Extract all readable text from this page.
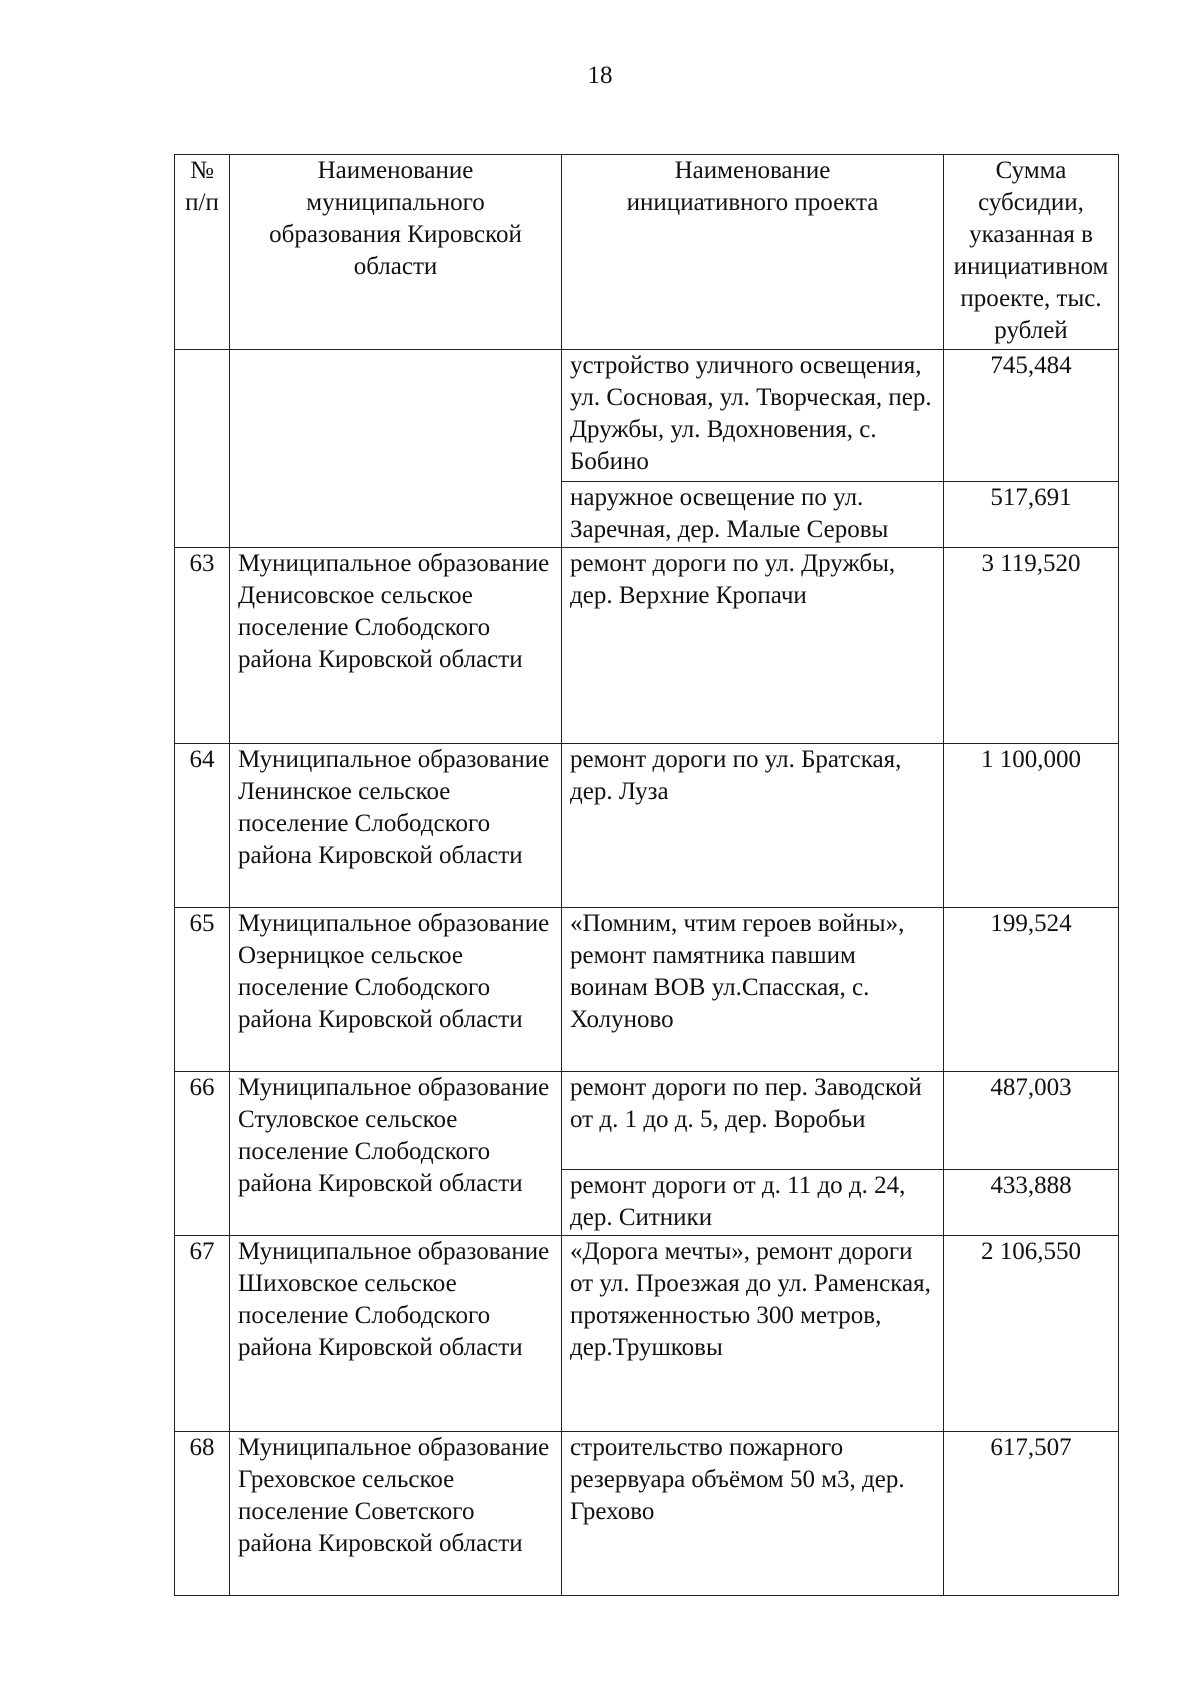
18
№ п/п	Наименование муниципального образования Кировской области	Наименование инициативного проекта	Сумма субсидии, указанная в инициативном проекте, тыс. рублей
		устройство уличного освещения, ул. Сосновая, ул. Творческая, пер. Дружбы, ул. Вдохновения, с. Бобино	745,484
		наружное освещение по ул. Заречная, дер. Малые Серовы	517,691
63	Муниципальное образование Денисовское сельское поселение Слободского района Кировской области	ремонт дороги по ул. Дружбы, дер. Верхние Кропачи	3 119,520
64	Муниципальное образование Ленинское сельское поселение Слободского района Кировской области	ремонт дороги по ул. Братская, дер. Луза	1 100,000
65	Муниципальное образование Озерницкое сельское поселение Слободского района Кировской области	«Помним, чтим героев войны», ремонт памятника павшим воинам ВОВ ул.Спасская, с. Холуново	199,524
66	Муниципальное образование Стуловское сельское поселение Слободского района Кировской области	ремонт дороги по пер. Заводской от д. 1 до д. 5, дер. Воробьи	487,003
		ремонт дороги от д. 11 до д. 24, дер. Ситники	433,888
67	Муниципальное образование Шиховское сельское поселение Слободского района Кировской области	«Дорога мечты», ремонт дороги от ул. Проезжая до ул. Раменская, протяженностью 300 метров, дер.Трушковы	2 106,550
68	Муниципальное образование Греховское сельское поселение Советского района Кировской области	строительство пожарного резервуара объёмом 50 м3, дер. Грехово	617,507
